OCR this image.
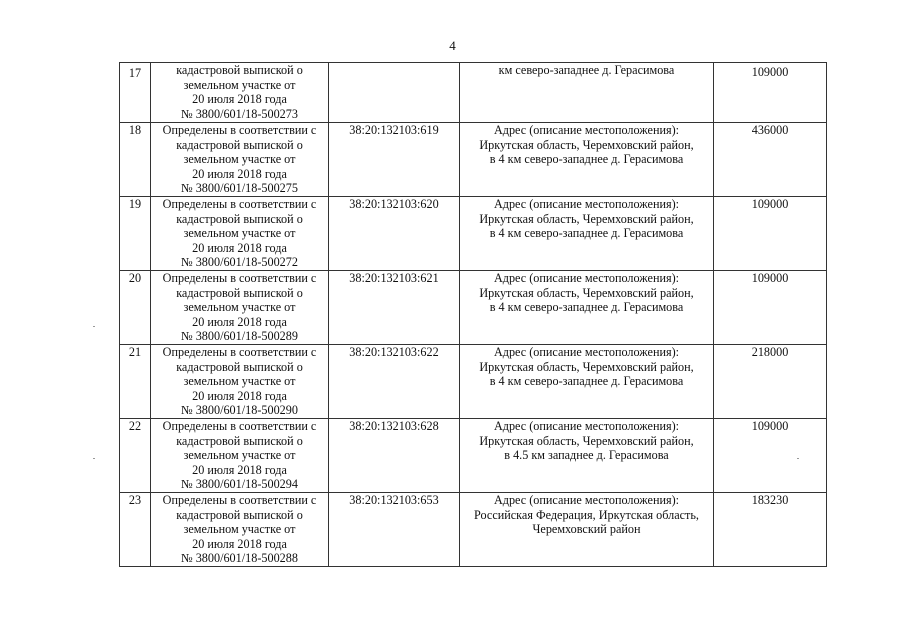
4
17	кадастровой выпиской о
земельном участке от
20 июля 2018 года
№ 3800/601/18-500273		км северо-западнее д. Герасимова	109000
18	Определены в соответствии с
кадастровой выпиской о
земельном участке от
20 июля 2018 года
№ 3800/601/18-500275	38:20:132103:619	Адрес (описание местоположения):
Иркутская область, Черемховский район,
в 4 км северо-западнее д. Герасимова	436000
19	Определены в соответствии с
кадастровой выпиской о
земельном участке от
20 июля 2018 года
№ 3800/601/18-500272	38:20:132103:620	Адрес (описание местоположения):
Иркутская область, Черемховский район,
в 4 км северо-западнее д. Герасимова	109000
20	Определены в соответствии с
кадастровой выпиской о
земельном участке от
20 июля 2018 года
№ 3800/601/18-500289	38:20:132103:621	Адрес (описание местоположения):
Иркутская область, Черемховский район,
в 4 км северо-западнее д. Герасимова	109000
21	Определены в соответствии с
кадастровой выпиской о
земельном участке от
20 июля 2018 года
№ 3800/601/18-500290	38:20:132103:622	Адрес (описание местоположения):
Иркутская область, Черемховский район,
в 4 км северо-западнее д. Герасимова	218000
22	Определены в соответствии с
кадастровой выпиской о
земельном участке от
20 июля 2018 года
№ 3800/601/18-500294	38:20:132103:628	Адрес (описание местоположения):
Иркутская область, Черемховский район,
в 4.5 км западнее д. Герасимова	109000
23	Определены в соответствии с
кадастровой выпиской о
земельном участке от
20 июля 2018 года
№ 3800/601/18-500288	38:20:132103:653	Адрес (описание местоположения):
Российская Федерация, Иркутская область,
Черемховский район	183230
